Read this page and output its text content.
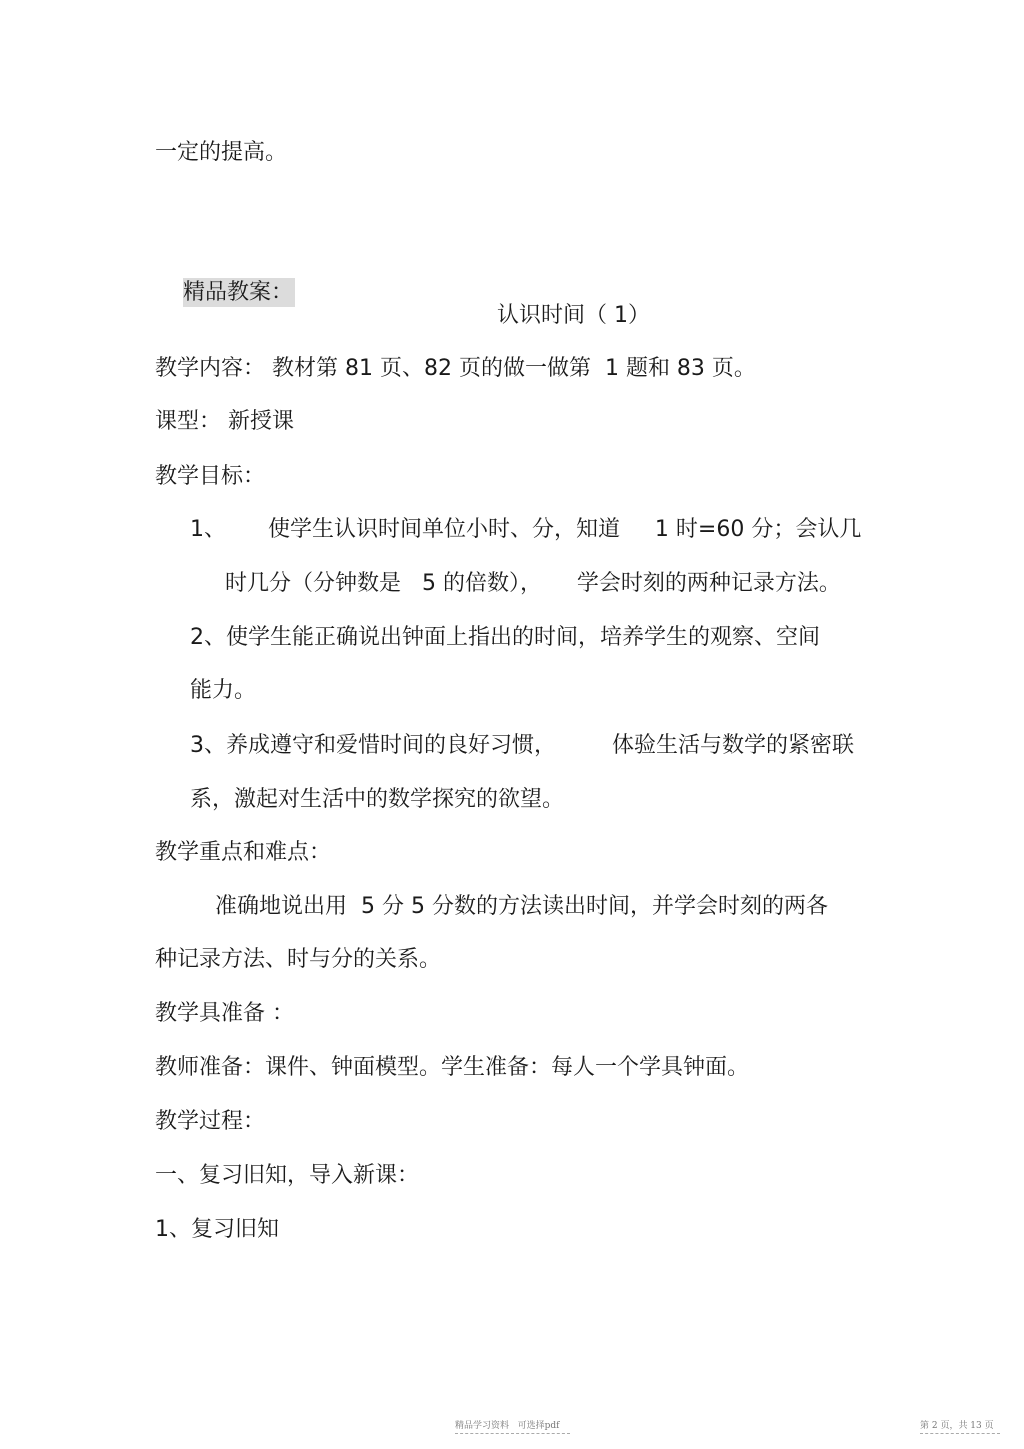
一定的提高。

精品教案：

认识时间（ 1）
教学内容： 教材第 81 页、82 页的做一做第  1 题和 83 页。
课型： 新授课
教学目标：
1、      使学生认识时间单位小时、分，知道     1 时=60 分；会认几
时几分（分钟数是   5 的倍数），     学会时刻的两种记录方法。
2、使学生能正确说出钟面上指出的时间，培养学生的观察、空间
能力。
3、养成遵守和爱惜时间的良好习惯，        体验生活与数学的紧密联
系，激起对生活中的数学探究的欲望。
教学重点和难点：
准确地说出用  5 分 5 分数的方法读出时间，并学会时刻的两各
种记录方法、时与分的关系。
教学具准备 ：
教师准备：课件、钟面模型。学生准备：每人一个学具钟面。
教学过程：
一、复习旧知，导入新课：
1、复习旧知
精品学习资料   可选择pdf	第 2 页，共 13 页
